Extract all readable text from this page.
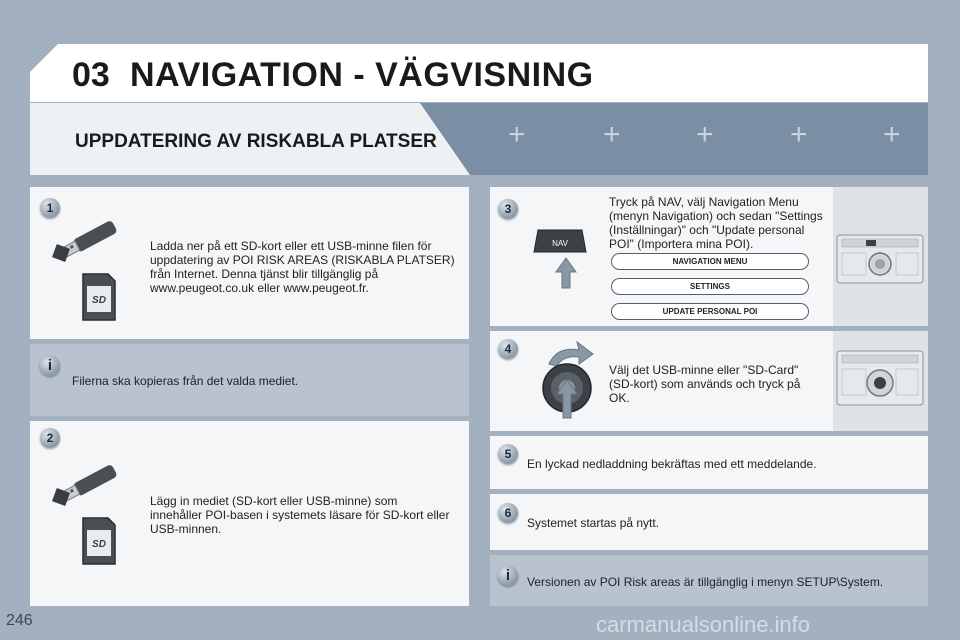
03 NAVIGATION - VÄGVISNING
UPPDATERING AV RISKABLA PLATSER +	+	+	+	+
1
SD
Ladda ner på ett SD-kort eller ett USB-minne filen för uppdatering av POI RISK AREAS (RISKABLA PLATSER) från Internet. Denna tjänst blir tillgänglig på www.peugeot.co.uk eller www.peugeot.fr.
i
Filerna ska kopieras från det valda mediet.
2
SD
Lägg in mediet (SD-kort eller USB-minne) som innehåller POI-basen i systemets läsare för SD-kort eller USB-minnen.
3
NAV
Tryck på NAV, välj Navigation Menu (menyn Navigation) och sedan "Settings (Inställningar)" och "Update personal POI" (Importera mina POI).
NAVIGATION MENU
SETTINGS
UPDATE PERSONAL POI
4
Välj det USB-minne eller "SD-Card" (SD-kort) som används och tryck på OK.
5
En lyckad nedladdning bekräftas med ett meddelande.
6
Systemet startas på nytt.
i	Versionen av POI Risk areas är tillgänglig i menyn SETUP\System.
246	carmanualsonline.info
